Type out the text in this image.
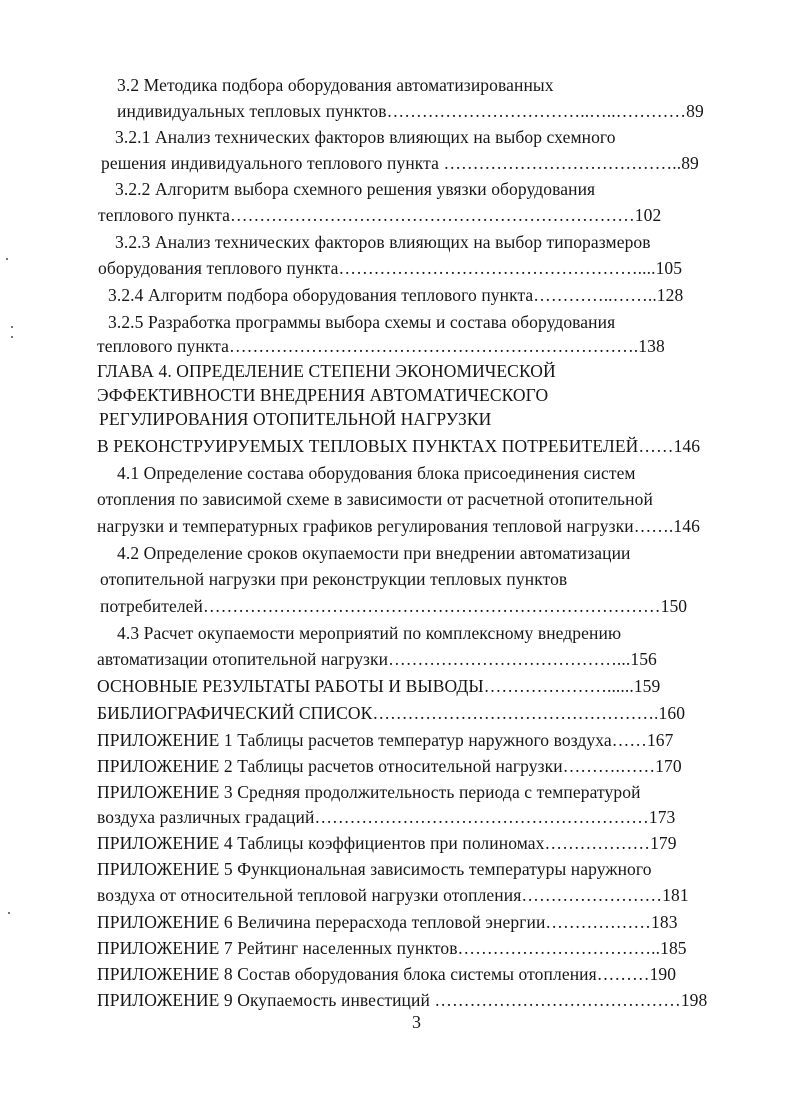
3.2 Методика подбора оборудования автоматизированных
индивидуальных тепловых пунктов……………………………..…..…………89
3.2.1 Анализ технических факторов влияющих на выбор схемного
решения индивидуального теплового пункта …………………………………..89
3.2.2 Алгоритм выбора схемного решения увязки оборудования
теплового пункта……………………………………………………………102
3.2.3 Анализ технических факторов влияющих на выбор типоразмеров
оборудования теплового пункта……………………………………………....105
3.2.4 Алгоритм подбора оборудования теплового пункта…………..……..128
3.2.5 Разработка программы выбора схемы и состава оборудования
теплового пункта…………………………………………………………….138
ГЛАВА 4. ОПРЕДЕЛЕНИЕ СТЕПЕНИ ЭКОНОМИЧЕСКОЙ
ЭФФЕКТИВНОСТИ ВНЕДРЕНИЯ АВТОМАТИЧЕСКОГО
РЕГУЛИРОВАНИЯ ОТОПИТЕЛЬНОЙ НАГРУЗКИ
В РЕКОНСТРУИРУЕМЫХ ТЕПЛОВЫХ ПУНКТАХ ПОТРЕБИТЕЛЕЙ……146
4.1 Определение состава оборудования блока присоединения систем
отопления по зависимой схеме в зависимости от расчетной отопительной
нагрузки и температурных графиков регулирования тепловой нагрузки…….146
4.2 Определение сроков окупаемости при внедрении автоматизации
отопительной нагрузки при реконструкции тепловых пунктов
потребителей……………………………………………………………………150
4.3 Расчет окупаемости мероприятий по комплексному внедрению
автоматизации отопительной нагрузки…………………………………...156
ОСНОВНЫЕ РЕЗУЛЬТАТЫ РАБОТЫ И ВЫВОДЫ…………………......159
БИБЛИОГРАФИЧЕСКИЙ СПИСОК………………………………………….160
ПРИЛОЖЕНИЕ 1 Таблицы расчетов температур наружного воздуха……167
ПРИЛОЖЕНИЕ 2 Таблицы расчетов относительной нагрузки……….……170
ПРИЛОЖЕНИЕ 3 Средняя продолжительность периода с температурой
воздуха различных градаций…………………………………………………173
ПРИЛОЖЕНИЕ 4 Таблицы коэффициентов при полиномах………………179
ПРИЛОЖЕНИЕ 5 Функциональная зависимость температуры наружного
воздуха от относительной тепловой нагрузки отопления……………………181
ПРИЛОЖЕНИЕ 6 Величина перерасхода тепловой энергии………………183
ПРИЛОЖЕНИЕ 7 Рейтинг населенных пунктов……………………………..185
ПРИЛОЖЕНИЕ 8 Состав оборудования блока системы отопления………190
ПРИЛОЖЕНИЕ 9 Окупаемость инвестиций ……………………………………198
3
